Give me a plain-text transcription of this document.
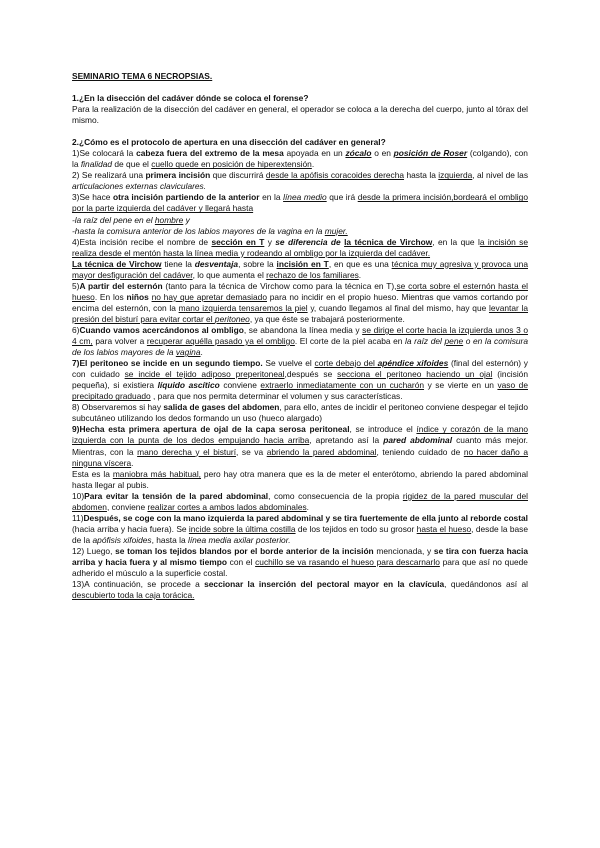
SEMINARIO TEMA 6 NECROPSIAS.

1.¿En la disección del cadáver dónde se coloca el forense?

Para la realización de la disección del cadáver en general, el operador se coloca a la derecha del cuerpo, junto al tórax del mismo.

2.¿Cómo es el protocolo de apertura en una disección del cadáver en general?

1)Se colocará la cabeza fuera del extremo de la mesa apoyada en un zócalo o en posición de Roser (colgando), con la finalidad de que el cuello quede en posición de hiperextensión.

2) Se realizará una primera incisión que discurrirá desde la apófisis coracoides derecha hasta la izquierda, al nivel de las articulaciones externas claviculares.

3)Se hace otra incisión partiendo de la anterior en la línea medio que irá desde la primera incisión,bordeará el ombligo por la parte izquierda del cadáver y llegará hasta

-la raíz del pene en el hombre y

-hasta la comisura anterior de los labios mayores de la vagina en la mujer.

4)Esta incisión recibe el nombre de sección en T y se diferencia de la técnica de Virchow, en la que la incisión se realiza desde el mentón hasta la línea media y rodeando al ombligo por la izquierda del cadáver.

La técnica de Virchow tiene la desventaja, sobre la incisión en T, en que es una técnica muy agresiva y provoca una mayor desfiguración del cadáver, lo que aumenta el rechazo de los familiares.

5)A partir del esternón (tanto para la técnica de Virchow como para la técnica en T),se corta sobre el esternón hasta el hueso. En los niños no hay que apretar demasiado para no incidir en el propio hueso. Mientras que vamos cortando por encima del esternón, con la mano izquierda tensaremos la piel y, cuando llegamos al final del mismo, hay que levantar la presión del bisturí para evitar cortar el peritoneo, ya que éste se trabajará posteriormente.

6)Cuando vamos acercándonos al ombligo, se abandona la línea media y se dirige el corte hacia la izquierda unos 3 o 4 cm, para volver a recuperar aquélla pasado ya el ombligo. El corte de la piel acaba en la raíz del pene o en la comisura de los labios mayores de la vagina.

7)El peritoneo se incide en un segundo tiempo. Se vuelve el corte debajo del apéndice xifoides (final del esternón) y con cuidado se incide el tejido adiposo preperitoneal,después se secciona el peritoneo haciendo un ojal (incisión pequeña), si existiera líquido ascítico conviene extraerlo inmediatamente con un cucharón y se vierte en un vaso de precipitado graduado , para que nos permita determinar el volumen y sus características.

8) Observaremos si hay salida de gases del abdomen, para ello, antes de incidir el peritoneo conviene despegar el tejido subcutáneo utilizando los dedos formando un uso (hueco alargado)

9)Hecha esta primera apertura de ojal de la capa serosa peritoneal, se introduce el índice y corazón de la mano izquierda con la punta de los dedos empujando hacia arriba, apretando así la pared abdominal cuanto más mejor. Mientras, con la mano derecha y el bisturí, se va abriendo la pared abdominal, teniendo cuidado de no hacer daño a ninguna víscera.

Esta es la maniobra más habitual, pero hay otra manera que es la de meter el enterótomo, abriendo la pared abdominal hasta llegar al pubis.

10)Para evitar la tensión de la pared abdominal, como consecuencia de la propia rigidez de la pared muscular del abdomen, conviene realizar cortes a ambos lados abdominales.

11)Después, se coge con la mano izquierda la pared abdominal y se tira fuertemente de ella junto al reborde costal (hacia arriba y hacia fuera). Se incide sobre la última costilla de los tejidos en todo su grosor hasta el hueso, desde la base de la apófisis xifoides, hasta la línea media axilar posterior.

12) Luego, se toman los tejidos blandos por el borde anterior de la incisión mencionada, y se tira con fuerza hacia arriba y hacia fuera y al mismo tiempo con el cuchillo se va rasando el hueso para descarnarlo para que así no quede adherido el músculo a la superficie costal.

13)A continuación, se procede a seccionar la inserción del pectoral mayor en la clavícula, quedándonos así al descubierto toda la caja torácica.
